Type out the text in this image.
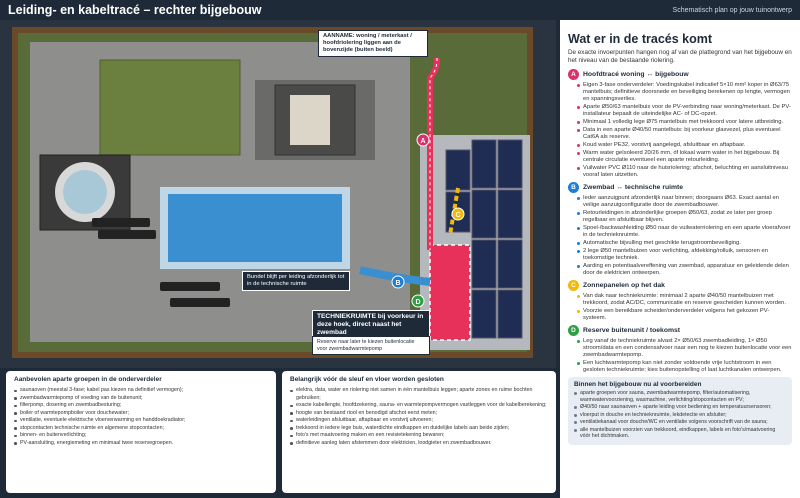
Leiding- en kabeltracé – rechter bijgebouw	Schematisch plan op jouw tuinontwerp
A
B
C
D
AANNAME: woning / meterkast / hoofdriolering liggen aan de bovenzijde (buiten beeld)
Bundel blijft per leiding afzonderlijk tot in de technische ruimte
TECHNIEKRUIMTE bij voorkeur in deze hoek, direct naast het zwembad
Reserve naar later te kiezen buitenlocatie voor zwembadwarmtepomp
Wat er in de tracés komt
De exacte invoerpunten hangen nog af van de plattegrond van het bijgebouw en het niveau van de bestaande riolering.
A	Hoofdtracé woning ↔ bijgebouw
Eigen 3-fase onderverdeler: Voedingskabel indicatief 5×10 mm² koper in Ø63/75 mantelbuis; definitieve doorsnede en beveiliging berekenen op lengte, vermogen en spanningsverlies.
Aparte Ø50/63 mantelbuis voor de PV-verbinding naar woning/meterkast. De PV-installateur bepaalt de uiteindelijke AC- of DC-opzet.
Minimaal 1 volledig lege Ø75 mantelbuis met trekkoord voor latere uitbreiding.
Data in een aparte Ø40/50 mantelbuis: bij voorkeur glasvezel, plus eventueel Cat6A als reserve.
Koud water PE32, vorstvrij aangelegd, afsluitbaar en aftapbaar.
Warm water geïsoleerd 20/26 mm, óf lokaal warm water in het bijgebouw. Bij centrale circulatie eventueel een aparte retourleiding.
Vuilwater PVC Ø110 naar de huisriolering; afschot, beluchting en aansluitniveau vooraf laten uitzetten.
B	Zwembad ↔ technische ruimte
Ieder aanzuigpunt afzonderlijk naar binnen; doorgaans Ø63. Exact aantal en veilige aanzuigconfiguratie door de zwembadbouwer.
Retourleidingen in afzonderlijke groepen Ø50/63, zodat ze later per groep regelbaar en afsluitbaar blijven.
Spoel-/backwashleiding Ø50 naar de vuilwaterriolering en een aparte vloerafvoer in de technieknruimte.
Automatische bijvulling met geschikte terugstroombeveiliging.
2 lege Ø50 mantelbuizen voor verlichting, afdekking/rolluik, sensoren en toekomstige techniek.
Aarding en potentiaalvereffening van zwembad, apparatuur en geleidende delen door de elektricien ontwerpen.
C	Zonnepanelen op het dak
Van dak naar techniekruimte: minimaal 2 aparte Ø40/50 mantelbuizen met trekkoord, zodat AC/DC, communicatie en reserve gescheiden kunnen worden.
Voorzie een bereikbare scheider/onderverdeler volgens het gekozen PV-systeem.
D	Reserve buitenunit / toekomst
Leg vanaf de techniekruimte alvast 2× Ø50/63 zwembadleiding, 1× Ø50 stroom/data en een condensafvoer naar een nog te kiezen buitenlocatie voor een zwembadwarmtepomp.
Een luchtwarmtepomp kan niet zonder voldoende vrije luchtstroom in een gesloten techniekruimte; kies buitenopstelling of laat luchtkanalen ontwerpen.
Binnen het bijgebouw nu al voorbereiden
aparte groepen voor sauna, zwembadwarmtepomp, filter/automatisering, warmwatervoorziening, wasmachine, verlichting/stopcontacten en PV;
Ø40/50 naar saunaoven + aparte leiding voor bediening en temperatuursensoren;
vloerput in douche en technieknruimte, lekdetectie en afsluiter;
ventilatiekanaal voor douche/WC en ventilatie volgens voorschrift van de sauna;
alle mantelbuizen voorzien van trekkoord, eindkappen, labels en foto's/maatvoering vóór het dichtmaken.
Aanbevolen aparte groepen in de onderverdeler
saunaoven (meestal 3-fase; kabel pas kiezen na definitief vermogen);
zwembadwarmtepomp of voeding van de buitenunit;
filterpomp, dosering en zwembadbesturing;
boiler of warmtepompboiler voor douchewater;
ventilatie, eventuele elektrische vloerverwarming en handdoekradiator;
stopcontacten technische ruimte en algemene stopcontacten;
binnen- en buitenverlichting;
PV-aansluiting, energiemeting en minimaal twee reservegroepen.
Belangrijk vóór de sleuf en vloer worden gesloten
elektra, data, water en riolering niet samen in één mantelbuis leggen; aparte zones en ruime bochten gebruiken;
exacte kabellengte, hoofdzekering, sauna- en warmtepompvermogen vastleggen voor de kabelberekening;
hoogte van bestaand riool en benodigd afschot eerst meten;
waterleidingen afsluitbaar, aftapbaar en vorstvrij uitvoeren;
trekkoord in iedere lege buis, waterdichte eindkappen en duidelijke labels aan beide zijden;
foto's met maatvoering maken en een revisietekening bewaren;
definitieve aanleg laten afstemmen door elektricien, loodgieter en zwembadbouwer.
